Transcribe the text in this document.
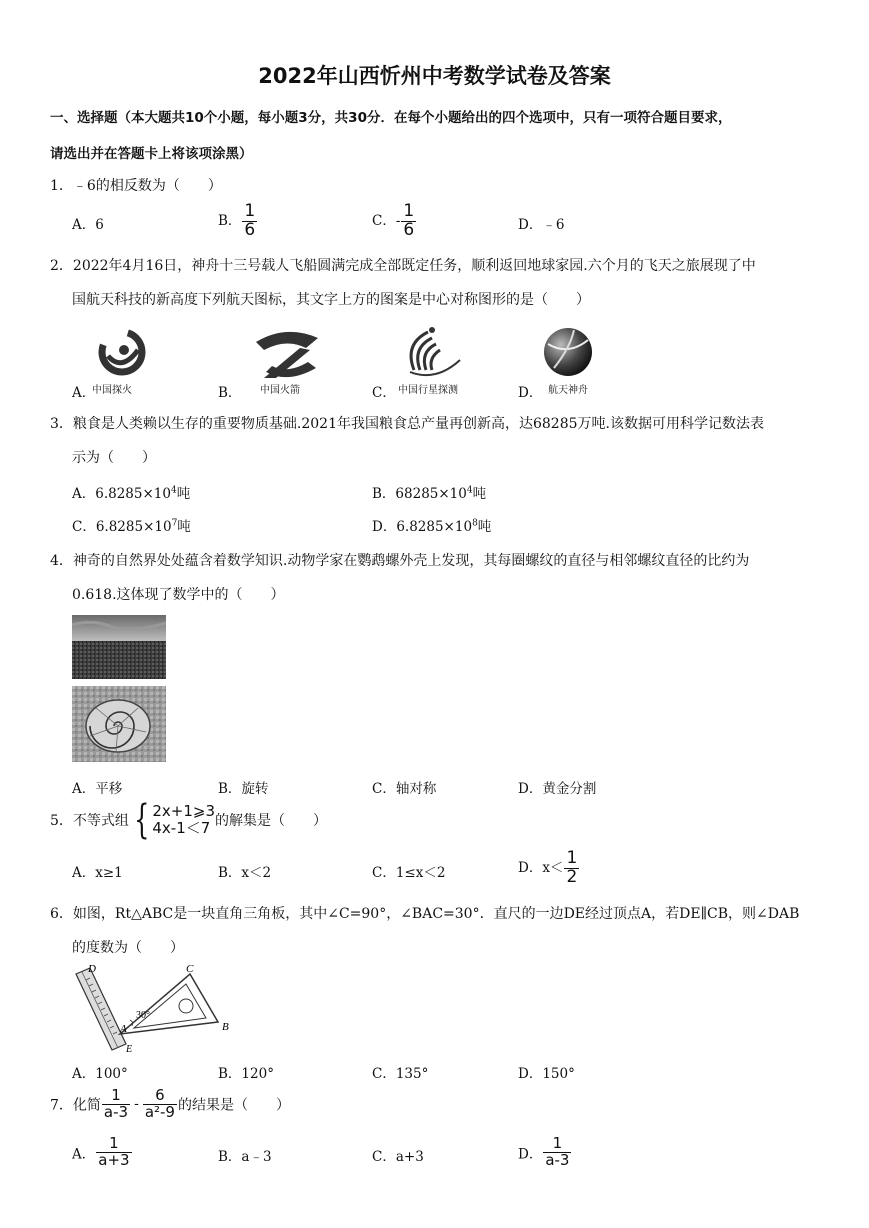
2022年山西忻州中考数学试卷及答案
一、选择题（本大题共10个小题，每小题3分，共30分．在每个小题给出的四个选项中，只有一项符合题目要求，
请选出并在答题卡上将该项涂黑）
1．﹣6的相反数为（　　）
A．6	B． $\frac{1}{6}$	C．- $\frac{1}{6}$	D．﹣6
2．2022年4月16日，神舟十三号载人飞船圆满完成全部既定任务，顺利返回地球家园.六个月的飞天之旅展现了中
国航天科技的新高度下列航天图标，其文字上方的图案是中心对称图形的是（　　）
中国探火	中国火箭	中国行星探测	航天神舟
A．	B．	C．	D．
3．粮食是人类赖以生存的重要物质基础.2021年我国粮食总产量再创新高，达68285万吨.该数据可用科学记数法表
示为（　　）
A．$6.8285\times 10^4$吨	B．$68285\times 10^4$吨
C．$6.8285\times 10^7$吨	D．$6.8285\times 10^8$吨
4．神奇的自然界处处蕴含着数学知识.动物学家在鹦鹉螺外壳上发现，其每圈螺纹的直径与相邻螺纹直径的比约为
0.618.这体现了数学中的（　　）
A．平移	B．旋转	C．轴对称	D．黄金分割
5．不等式组 { 2x+1⩾3
4x-1＜7 的解集是（　　）
A．x≥1	B．x＜2	C．1≤x＜2	D．$x< \frac{1}{2}$
6．如图，Rt△ABC是一块直角三角板，其中∠C=90°，∠BAC=30°．直尺的一边DE经过顶点A，若DE∥CB，则∠DAB
的度数为（　　）
D	C
A	B
E
30°
A．100°	B．120°	C．135°	D．150°
7．化简 $\frac{1}{a-3} - \frac{6}{\text{a²-9}}$ 的结果是（　　）
A． $\frac{1}{a+3}$	B．a﹣3	C．a+3	D． $\frac{1}{a-3}$
